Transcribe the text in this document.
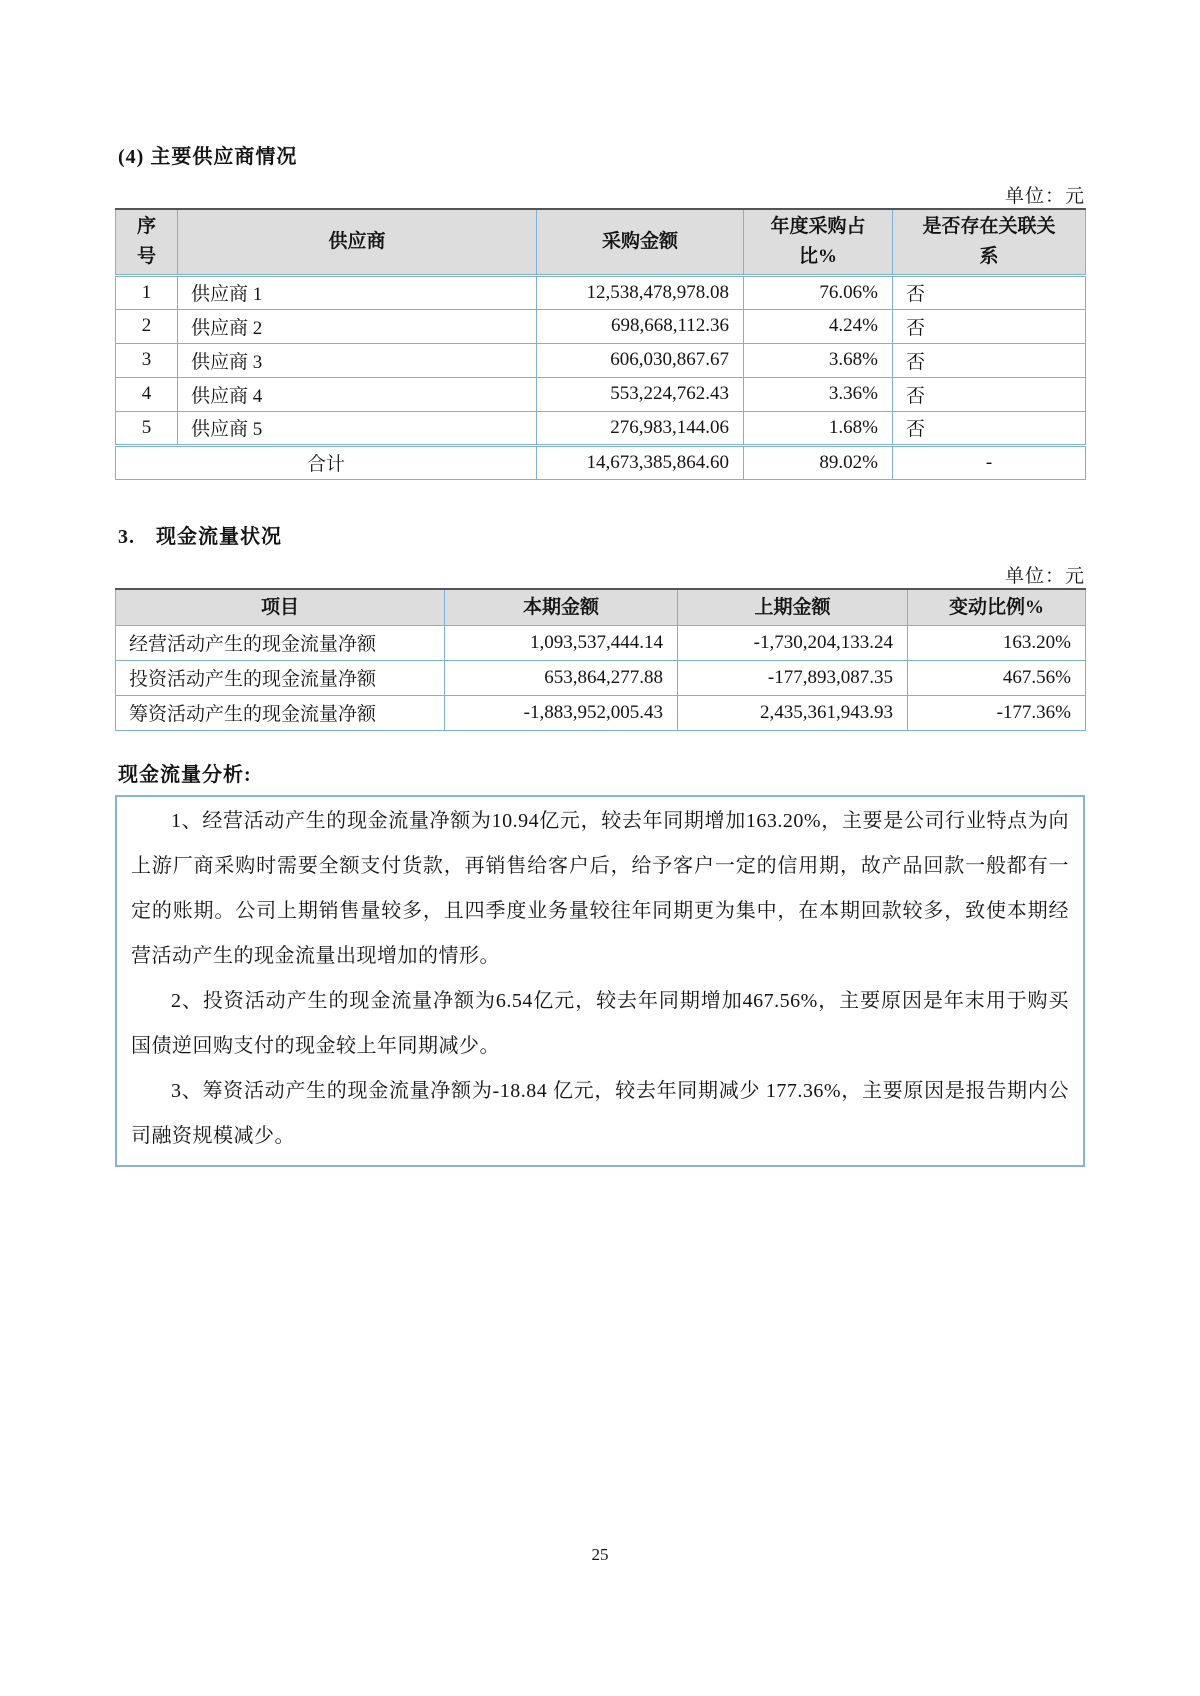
(4) 主要供应商情况
单位：元
序号	供应商	采购金额	年度采购占比%	是否存在关联关系
1	供应商 1	12,538,478,978.08	76.06%	否
2	供应商 2	698,668,112.36	4.24%	否
3	供应商 3	606,030,867.67	3.68%	否
4	供应商 4	553,224,762.43	3.36%	否
5	供应商 5	276,983,144.06	1.68%	否
合计		14,673,385,864.60	89.02%	-
3. 现金流量状况
单位：元
项目	本期金额	上期金额	变动比例%
经营活动产生的现金流量净额	1,093,537,444.14	-1,730,204,133.24	163.20%
投资活动产生的现金流量净额	653,864,277.88	-177,893,087.35	467.56%
筹资活动产生的现金流量净额	-1,883,952,005.43	2,435,361,943.93	-177.36%
现金流量分析:

1、经营活动产生的现金流量净额为10.94亿元，较去年同期增加163.20%，主要是公司行业特点为向上游厂商采购时需要全额支付货款，再销售给客户后，给予客户一定的信用期，故产品回款一般都有一定的账期。公司上期销售量较多，且四季度业务量较往年同期更为集中，在本期回款较多，致使本期经营活动产生的现金流量出现增加的情形。

2、投资活动产生的现金流量净额为6.54亿元，较去年同期增加467.56%，主要原因是年末用于购买国债逆回购支付的现金较上年同期减少。

3、筹资活动产生的现金流量净额为-18.84 亿元，较去年同期减少 177.36%，主要原因是报告期内公司融资规模减少。

25
